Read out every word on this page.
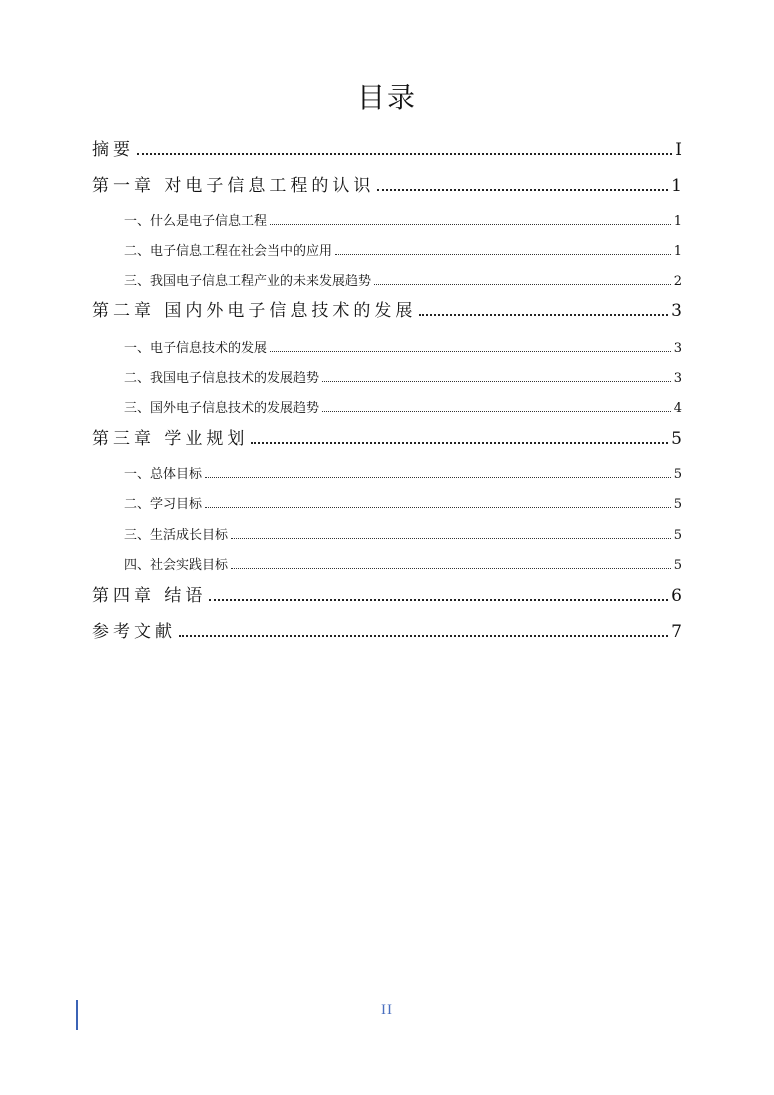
目录
摘要	I
第一章 对电子信息工程的认识	1
一、什么是电子信息工程	1
二、电子信息工程在社会当中的应用	1
三、我国电子信息工程产业的未来发展趋势	2
第二章 国内外电子信息技术的发展	3
一、电子信息技术的发展	3
二、我国电子信息技术的发展趋势	3
三、国外电子信息技术的发展趋势	4
第三章 学业规划	5
一、总体目标	5
二、学习目标	5
三、生活成长目标	5
四、社会实践目标	5
第四章 结语	6
参考文献	7
II
